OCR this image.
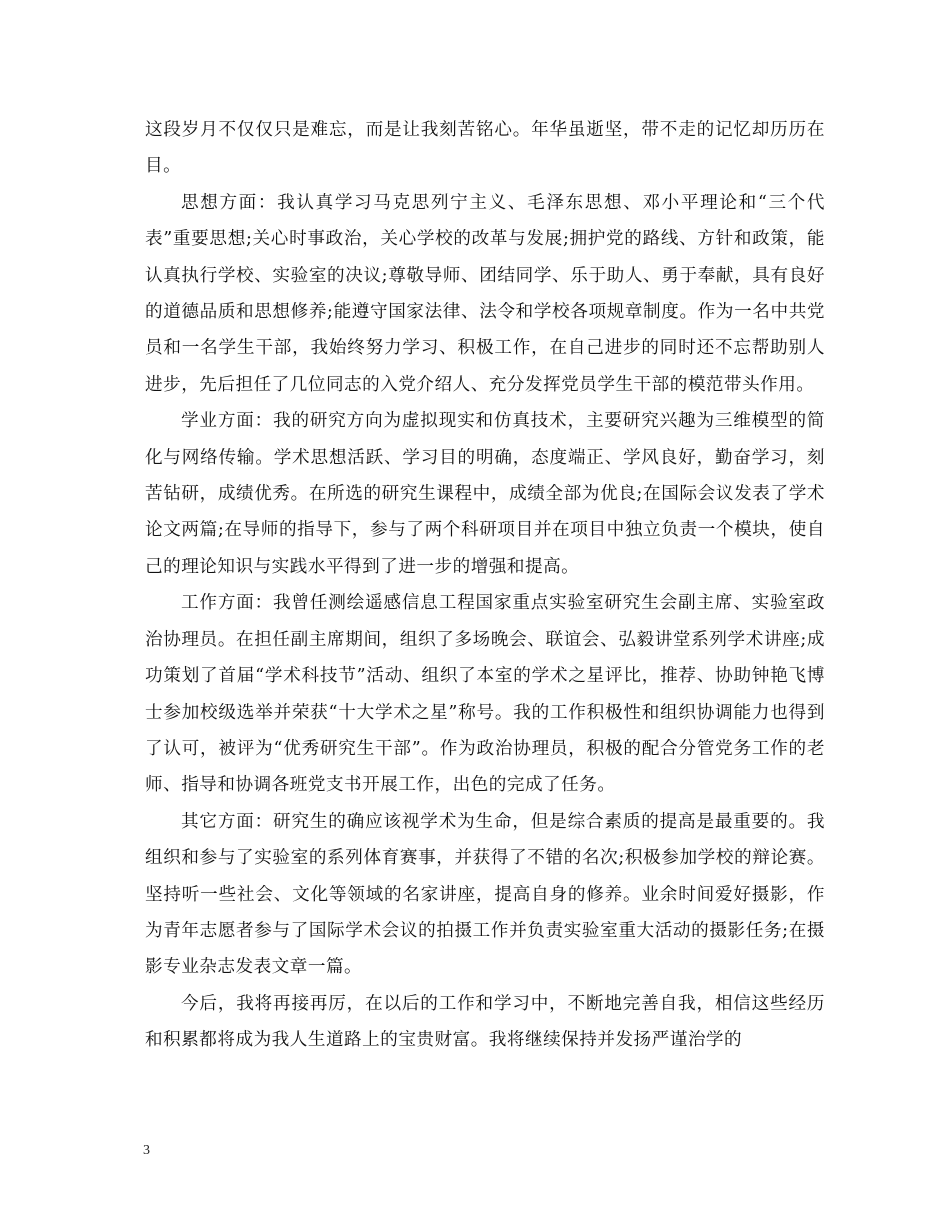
这段岁月不仅仅只是难忘，而是让我刻苦铭心。年华虽逝坚，带不走的记忆却历历在目。

思想方面：我认真学习马克思列宁主义、毛泽东思想、邓小平理论和“三个代表”重要思想;关心时事政治，关心学校的改革与发展;拥护党的路线、方针和政策，能认真执行学校、实验室的决议;尊敬导师、团结同学、乐于助人、勇于奉献，具有良好的道德品质和思想修养;能遵守国家法律、法令和学校各项规章制度。作为一名中共党员和一名学生干部，我始终努力学习、积极工作，在自己进步的同时还不忘帮助别人进步，先后担任了几位同志的入党介绍人、充分发挥党员学生干部的模范带头作用。

学业方面：我的研究方向为虚拟现实和仿真技术，主要研究兴趣为三维模型的简化与网络传输。学术思想活跃、学习目的明确，态度端正、学风良好，勤奋学习，刻苦钻研，成绩优秀。在所选的研究生课程中，成绩全部为优良;在国际会议发表了学术论文两篇;在导师的指导下，参与了两个科研项目并在项目中独立负责一个模块，使自己的理论知识与实践水平得到了进一步的增强和提高。

工作方面：我曾任测绘遥感信息工程国家重点实验室研究生会副主席、实验室政治协理员。在担任副主席期间，组织了多场晚会、联谊会、弘毅讲堂系列学术讲座;成功策划了首届“学术科技节”活动、组织了本室的学术之星评比，推荐、协助钟艳飞博士参加校级选举并荣获“十大学术之星”称号。我的工作积极性和组织协调能力也得到了认可，被评为“优秀研究生干部”。作为政治协理员，积极的配合分管党务工作的老师、指导和协调各班党支书开展工作，出色的完成了任务。

其它方面：研究生的确应该视学术为生命，但是综合素质的提高是最重要的。我组织和参与了实验室的系列体育赛事，并获得了不错的名次;积极参加学校的辩论赛。坚持听一些社会、文化等领域的名家讲座，提高自身的修养。业余时间爱好摄影，作为青年志愿者参与了国际学术会议的拍摄工作并负责实验室重大活动的摄影任务;在摄影专业杂志发表文章一篇。

今后，我将再接再厉，在以后的工作和学习中，不断地完善自我，相信这些经历和积累都将成为我人生道路上的宝贵财富。我将继续保持并发扬严谨治学的

3
